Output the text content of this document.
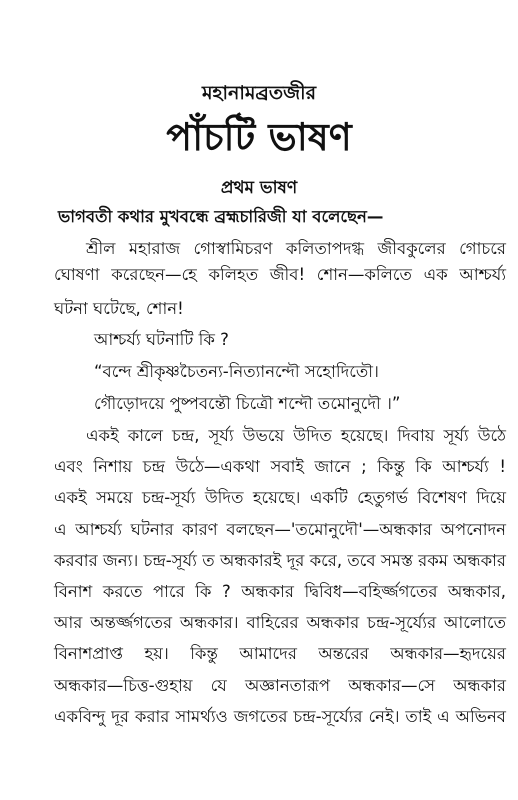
মহানামব্রতজীর
পাঁচটি ভাষণ
প্রথম ভাষণ
ভাগবতী কথার মুখবন্ধে ব্রহ্মচারিজী যা বলেছেন—
শ্রীল মহারাজ গোস্বামিচরণ কলিতাপদগ্ধ জীবকুলের গোচরে
ঘোষণা করেছেন—হে কলিহত জীব! শোন—কলিতে এক আশ্চর্য্য
ঘটনা ঘটেছে, শোন!
আশ্চর্য্য ঘটনাটি কি ?
“বন্দে শ্রীকৃষ্ণচৈতন্য-নিত্যানন্দৌ সহোদিতৌ।
গৌড়োদয়ে পুষ্পবন্তৌ চিত্রৌ শন্দৌ তমোনুদৌ ।”
একই কালে চন্দ্র, সূর্য্য উভয়ে উদিত হয়েছে। দিবায় সূর্য্য উঠে
এবং নিশায় চন্দ্র উঠে—একথা সবাই জানে ; কিন্তু কি আশ্চর্য্য !
একই সময়ে চন্দ্র-সূর্য্য উদিত হয়েছে। একটি হেতুগর্ভ বিশেষণ দিয়ে
এ আশ্চর্য্য ঘটনার কারণ বলছেন—'তমোনুদৌ'—অন্ধকার অপনোদন
করবার জন্য। চন্দ্র-সূর্য্য ত অন্ধকারই দূর করে, তবে সমস্ত রকম অন্ধকার
বিনাশ করতে পারে কি ? অন্ধকার দ্বিবিধ—বহির্জ্জগতের অন্ধকার,
আর অন্তর্জ্জগতের অন্ধকার। বাহিরের অন্ধকার চন্দ্র-সূর্য্যের আলোতে
বিনাশপ্রাপ্ত হয়। কিন্তু আমাদের অন্তরের অন্ধকার—হৃদয়ের
অন্ধকার—চিত্ত-গুহায় যে অজ্ঞানতারূপ অন্ধকার—সে অন্ধকার
একবিন্দু দূর করার সামর্থ্যও জগতের চন্দ্র-সূর্য্যের নেই। তাই এ অভিনব
